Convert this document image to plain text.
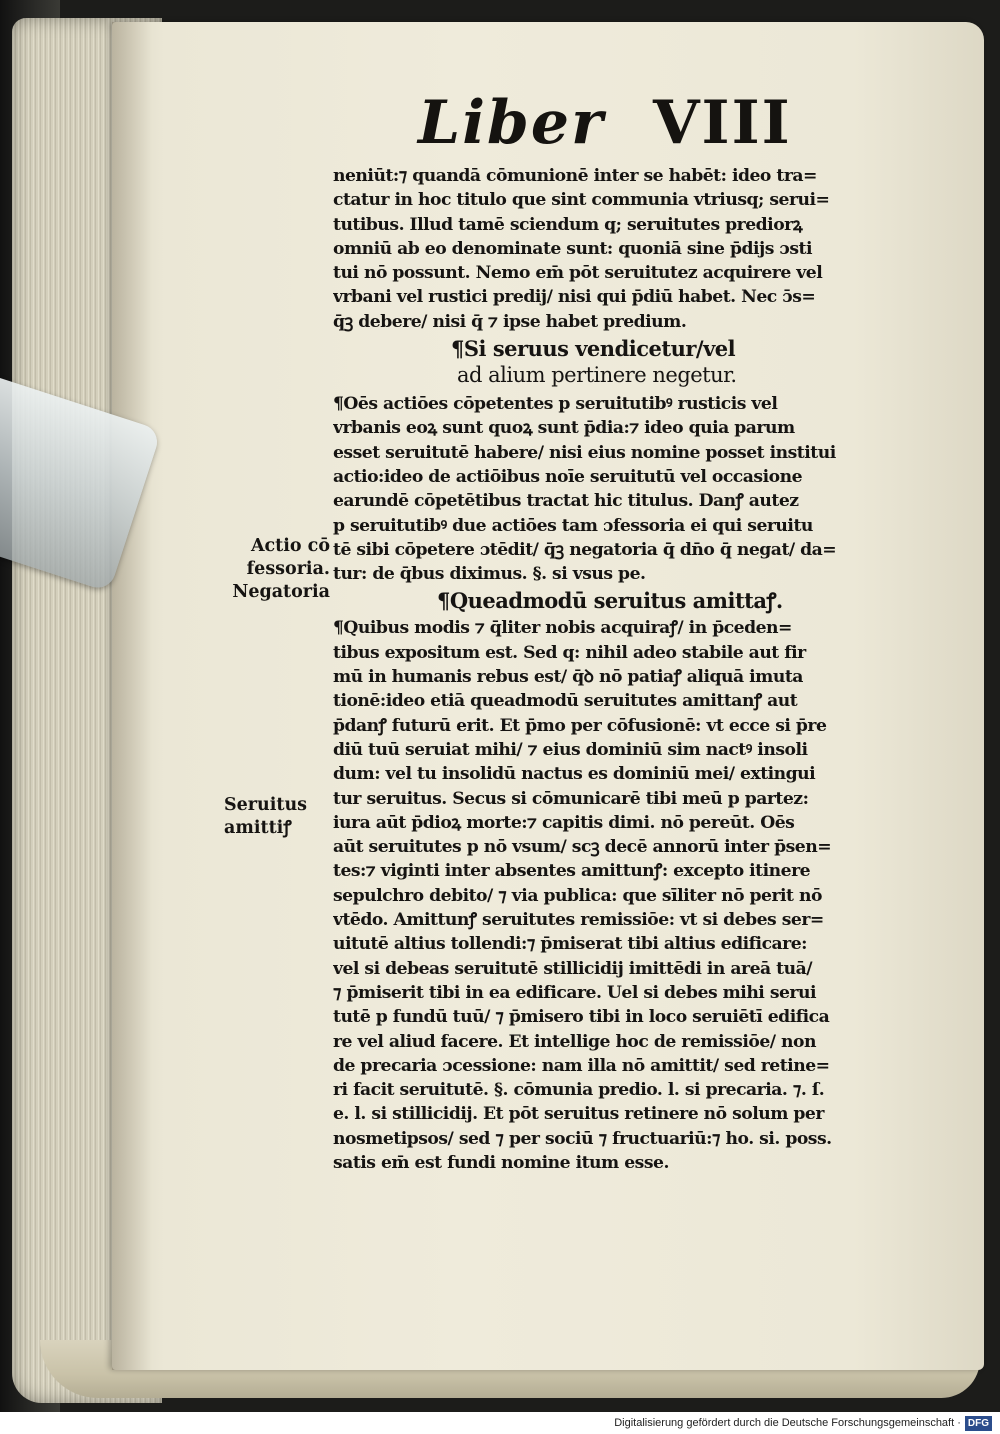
Liber VIII
neniūt:⁊ quandā cōmunionē inter se habēt: ideo tra=
ctatur in hoc titulo que sint communia vtriusq; serui=
tutibus. Illud tamē sciendum q; seruitutes prediorꝝ
omniū ab eo denominate sunt: quoniā sine p̄dijs ɔsti
tui nō possunt. Nemo em̄ pōt seruitutez acquirere vel
vrbani vel rustici predij/ nisi qui p̄diū habet. Nec ɔ̄s=
q̄ꝫ debere/ nisi q̄ ⁊ ipse habet predium.
¶Si seruus vendicetur/vel
ad alium pertinere negetur.
¶Oēs actiōes cōpetentes p seruitutibꝰ rusticis vel
vrbanis eoꝝ sunt quoꝝ sunt p̄dia:⁊ ideo quia parum
esset seruitutē habere/ nisi eius nomine posset institui
actio:ideo de actiōibus noīe seruitutū vel occasione
earundē cōpetētibus tractat hic titulus. Danꝭ autez
p seruitutibꝰ due actiōes tam ɔfessoria ei qui seruitu
tē sibi cōpetere ɔtēdit/ q̄ꝫ negatoria q̄ dn̄o q̄ negat/ da=
tur: de q̄bus diximus. §. si vsus pe.
¶Queadmodū seruitus amittaꝭ.
¶Quibus modis ⁊ q̄liter nobis acquiraꝭ/ in p̄ceden=
tibus expositum est. Sed q: nihil adeo stabile aut fir
mū in humanis rebus est/ q̄ꝺ nō patiaꝭ aliquā imuta
tionē:ideo etiā queadmodū seruitutes amittanꝭ aut
p̄danꝭ futurū erit. Et p̄mo per cōfusionē: vt ecce si p̄re
diū tuū seruiat mihi/ ⁊ eius dominiū sim nactꝰ insoli
dum: vel tu insolidū nactus es dominiū mei/ extingui
tur seruitus. Secus si cōmunicarē tibi meū p partez:
iura aūt p̄dioꝝ morte:⁊ capitis dimi. nō pereūt. Oēs
aūt seruitutes p nō vsum/ scꝫ decē annorū inter p̄sen=
tes:⁊ viginti inter absentes amittunꝭ: excepto itinere
sepulchro debito/ ⁊ via publica: que sīliter nō perit nō
vtēdo. Amittunꝭ seruitutes remissiōe: vt si debes ser=
uitutē altius tollendi:⁊ p̄miserat tibi altius edificare:
vel si debeas seruitutē stillicidij imittēdi in areā tuā/
⁊ p̄miserit tibi in ea edificare. Uel si debes mihi serui
tutē p fundū tuū/ ⁊ p̄misero tibi in loco seruiētī edifica
re vel aliud facere. Et intellige hoc de remissiōe/ non
de precaria ɔcessione: nam illa nō amittit/ sed retine=
ri facit seruitutē. §. cōmunia predio. l. si precaria. ⁊. ſ.
e. l. si stillicidij. Et pōt seruitus retinere nō solum per
nosmetipsos/ sed ⁊ per sociū ⁊ fructuariū:⁊ ho. si. poss.
satis em̄ est fundi nomine itum esse.
Actio cō
fessoria.
Negatoria
Seruitus
amittiꝭ
Digitalisierung gefördert durch die Deutsche Forschungsgemeinschaft · DFG
